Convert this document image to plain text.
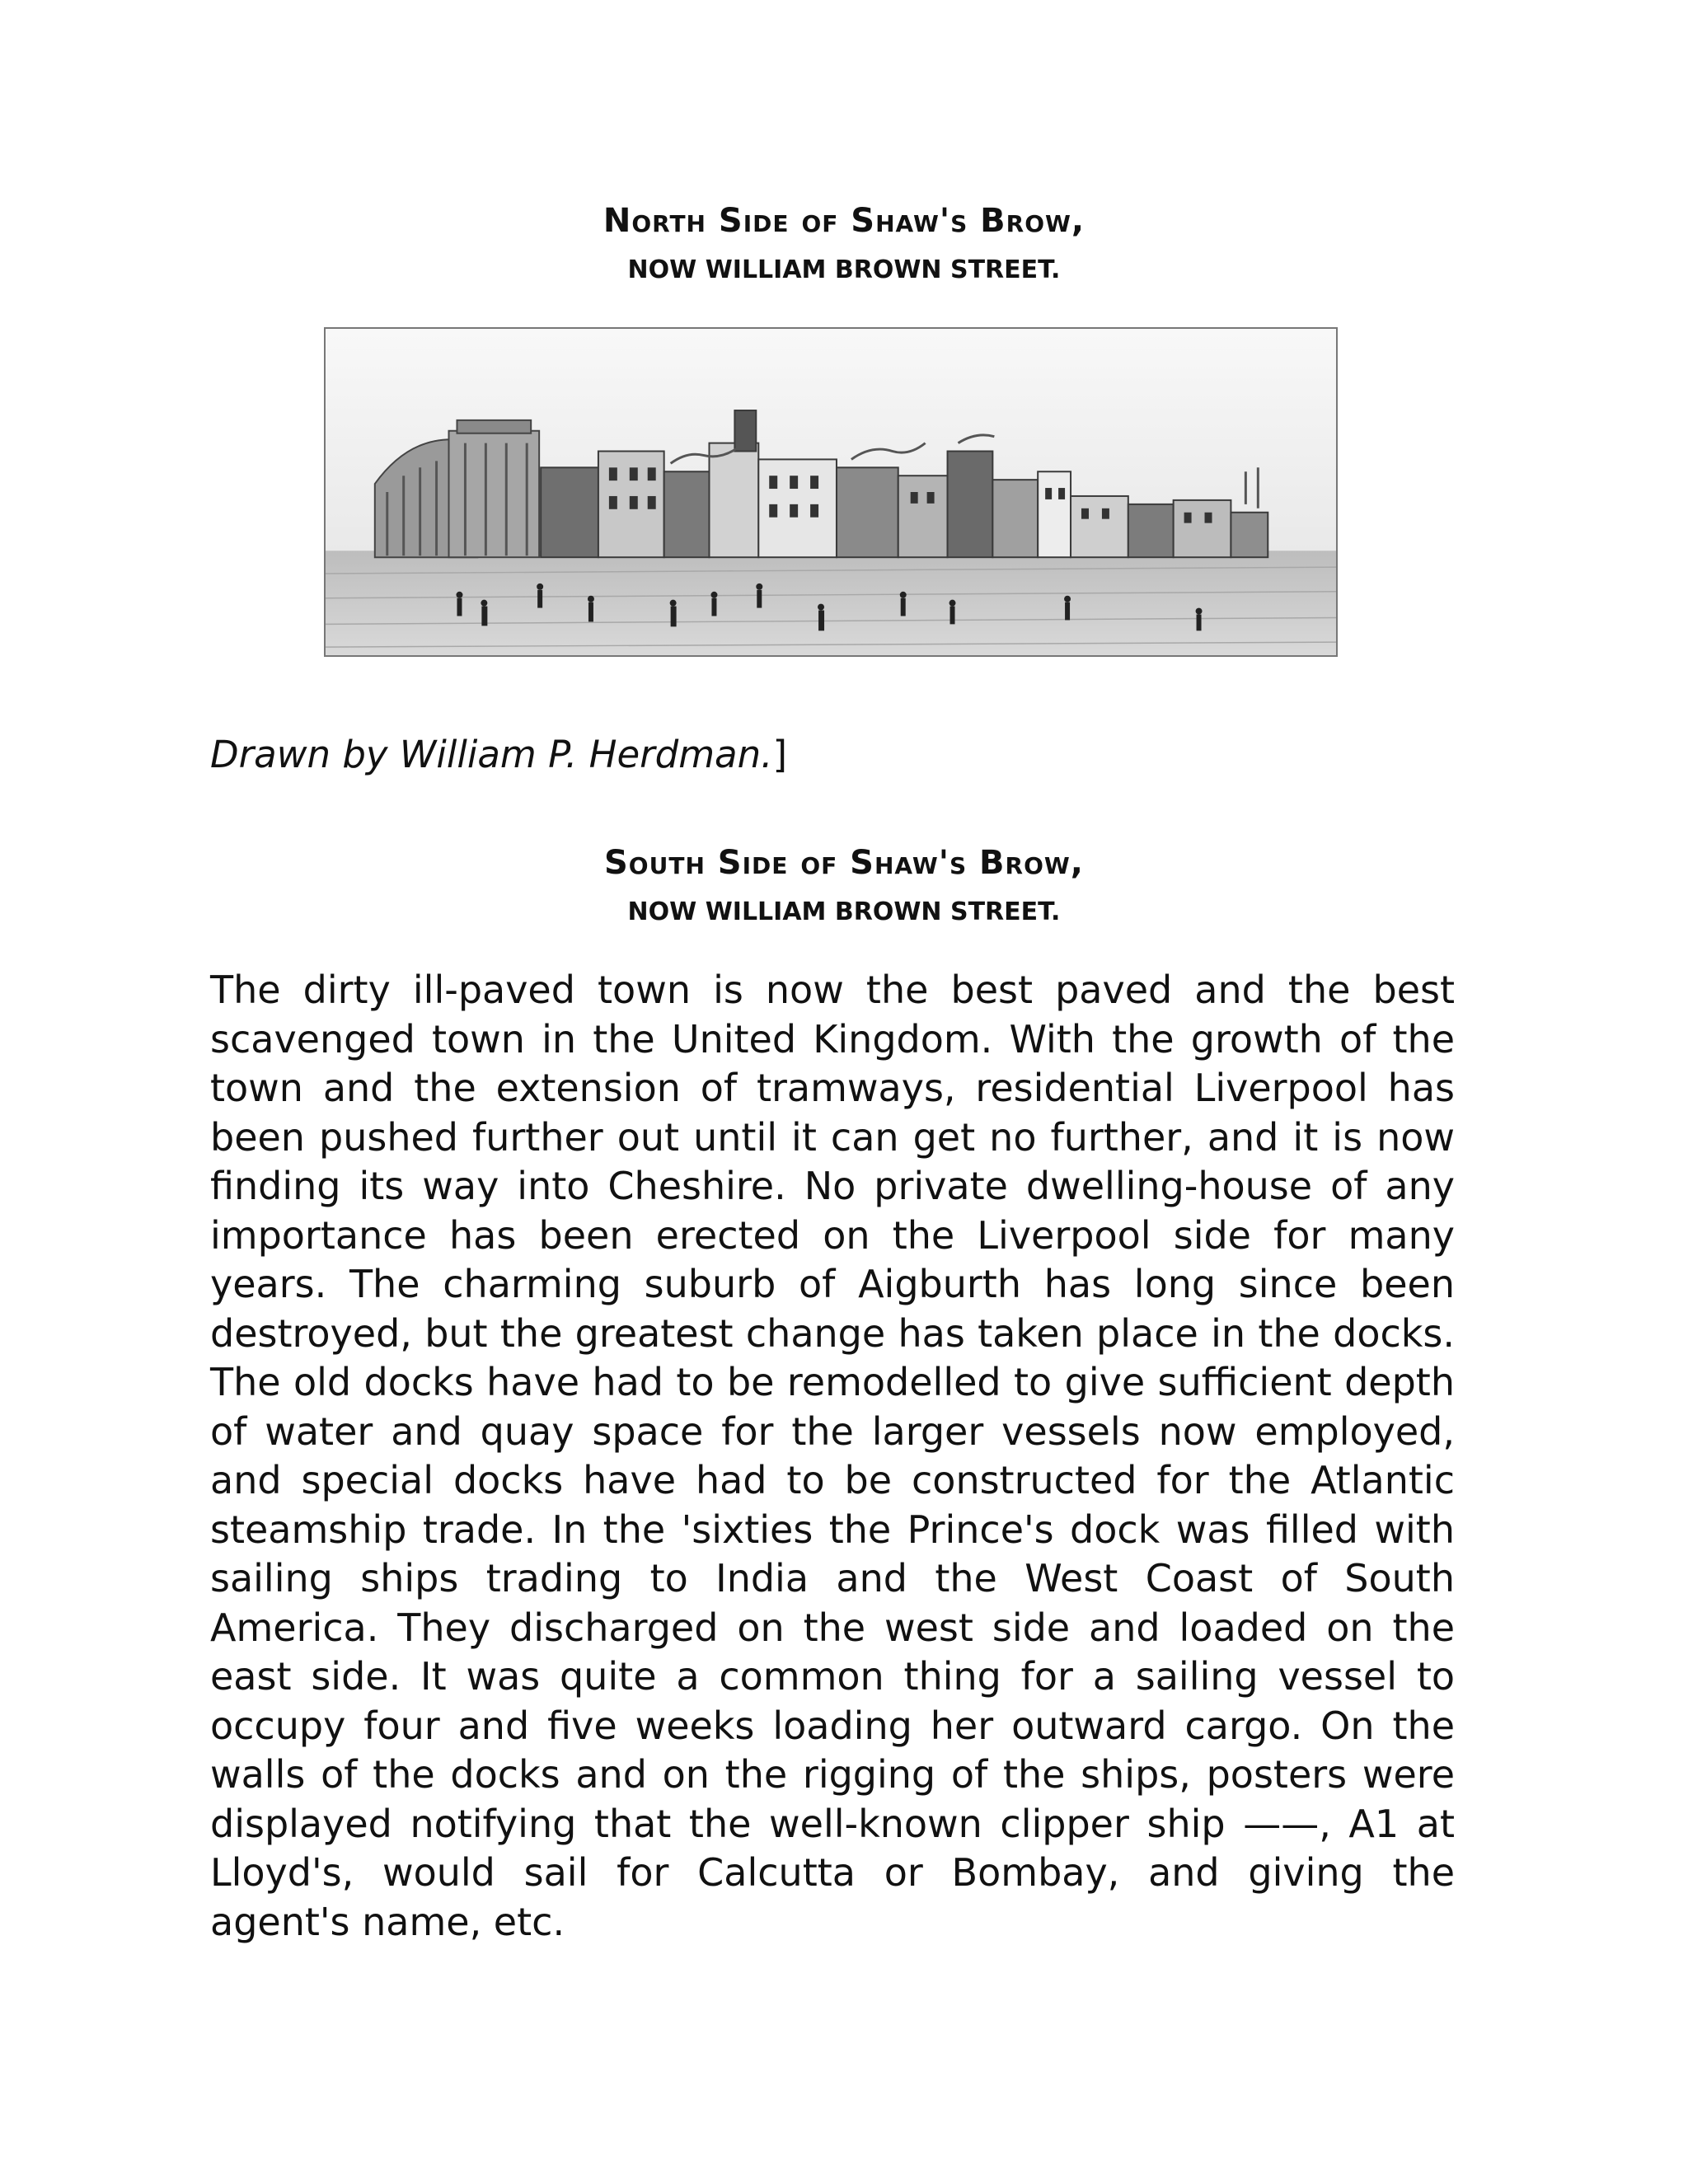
North Side of Shaw's Brow,
NOW WILLIAM BROWN STREET.
Drawn by William P. Herdman.]
South Side of Shaw's Brow,
NOW WILLIAM BROWN STREET.

The dirty ill-paved town is now the best paved and the best scavenged town in the United Kingdom. With the growth of the town and the extension of tramways, residential Liverpool has been pushed further out until it can get no further, and it is now finding its way into Cheshire. No private dwelling-house of any importance has been erected on the Liverpool side for many years. The charming suburb of Aigburth has long since been destroyed, but the greatest change has taken place in the docks. The old docks have had to be remodelled to give sufficient depth of water and quay space for the larger vessels now employed, and special docks have had to be constructed for the Atlantic steamship trade. In the 'sixties the Prince's dock was filled with sailing ships trading to India and the West Coast of South America. They discharged on the west side and loaded on the east side. It was quite a common thing for a sailing vessel to occupy four and five weeks loading her outward cargo. On the walls of the docks and on the rigging of the ships, posters were displayed notifying that the well-known clipper ship ——, A1 at Lloyd's, would sail for Calcutta or Bombay, and giving the agent's name, etc.
